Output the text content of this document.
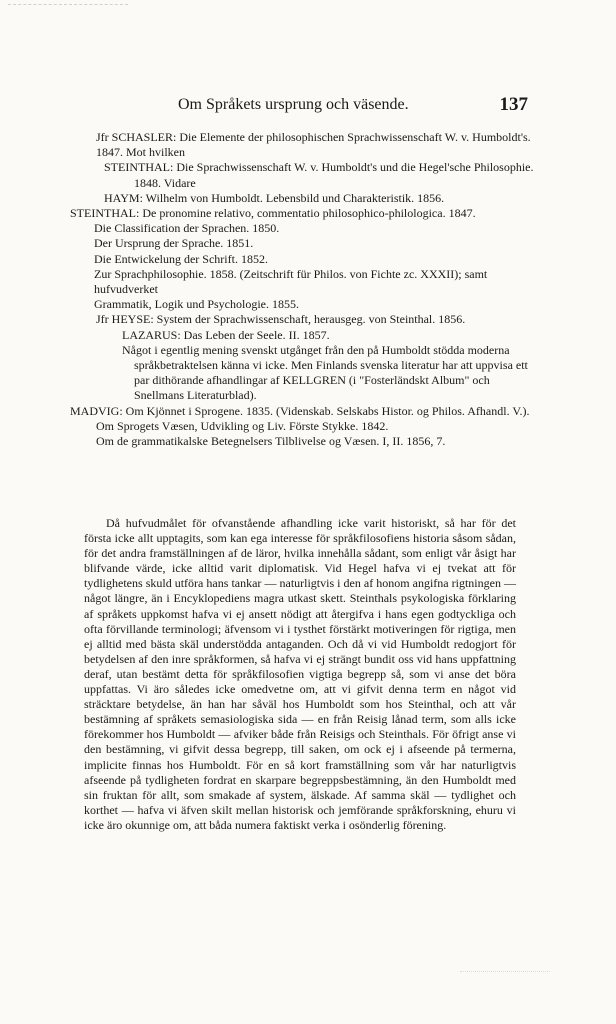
Om Språkets ursprung och väsende.	137

Jfr SCHASLER: Die Elemente der philosophischen Sprachwissenschaft W. v. Humboldt's. 1847. Mot hvilken

STEINTHAL: Die Sprachwissenschaft W. v. Humboldt's und die Hegel'sche Philosophie. 1848. Vidare

HAYM: Wilhelm von Humboldt. Lebensbild und Charakteristik. 1856.

STEINTHAL: De pronomine relativo, commentatio philosophico-philologica. 1847.

Die Classification der Sprachen. 1850.

Der Ursprung der Sprache. 1851.

Die Entwickelung der Schrift. 1852.

Zur Sprachphilosophie. 1858. (Zeitschrift für Philos. von Fichte zc. XXXII); samt hufvudverket

Grammatik, Logik und Psychologie. 1855.

Jfr HEYSE: System der Sprachwissenschaft, herausgeg. von Steinthal. 1856.

LAZARUS: Das Leben der Seele. II. 1857.

Något i egentlig mening svenskt utgånget från den på Humboldt stödda moderna språkbetraktelsen känna vi icke. Men Finlands svenska literatur har att uppvisa ett par dithörande afhandlingar af KELLGREN (i "Fosterländskt Album" och Snellmans Literaturblad).

MADVIG: Om Kjönnet i Sprogene. 1835. (Videnskab. Selskabs Histor. og Philos. Afhandl. V.).

Om Sprogets Væsen, Udvikling og Liv. Förste Stykke. 1842.

Om de grammatikalske Betegnelsers Tilblivelse og Væsen. I, II. 1856, 7.

Då hufvudmålet för ofvanstående afhandling icke varit historiskt, så har för det första icke allt upptagits, som kan ega interesse för språkfilosofiens historia såsom sådan, för det andra framställningen af de läror, hvilka innehålla sådant, som enligt vår åsigt har blifvande värde, icke alltid varit diplomatisk. Vid Hegel hafva vi ej tvekat att för tydlighetens skuld utföra hans tankar — naturligtvis i den af honom angifna rigtningen — något längre, än i Encyklopediens magra utkast skett. Steinthals psykologiska förklaring af språkets uppkomst hafva vi ej ansett nödigt att återgifva i hans egen godtyckliga och ofta förvillande terminologi; äfvensom vi i tysthet förstärkt motiveringen för rigtiga, men ej alltid med bästa skäl understödda antaganden. Och då vi vid Humboldt redogjort för betydelsen af den inre språkformen, så hafva vi ej strängt bundit oss vid hans uppfattning deraf, utan bestämt detta för språkfilosofien vigtiga begrepp så, som vi anse det böra uppfattas. Vi äro således icke omedvetne om, att vi gifvit denna term en något vid sträcktare betydelse, än han har såväl hos Humboldt som hos Steinthal, och att vår bestämning af språkets semasiologiska sida — en från Reisig lånad term, som alls icke förekommer hos Humboldt — afviker både från Reisigs och Steinthals. För öfrigt anse vi den bestämning, vi gifvit dessa begrepp, till saken, om ock ej i afseende på termerna, implicite finnas hos Humboldt. För en så kort framställning som vår har naturligtvis afseende på tydligheten fordrat en skarpare begreppsbestämning, än den Humboldt med sin fruktan för allt, som smakade af system, älskade. Af samma skäl — tydlighet och korthet — hafva vi äfven skilt mellan historisk och jemförande språkforskning, ehuru vi icke äro okunnige om, att båda numera faktiskt verka i osönderlig förening.
